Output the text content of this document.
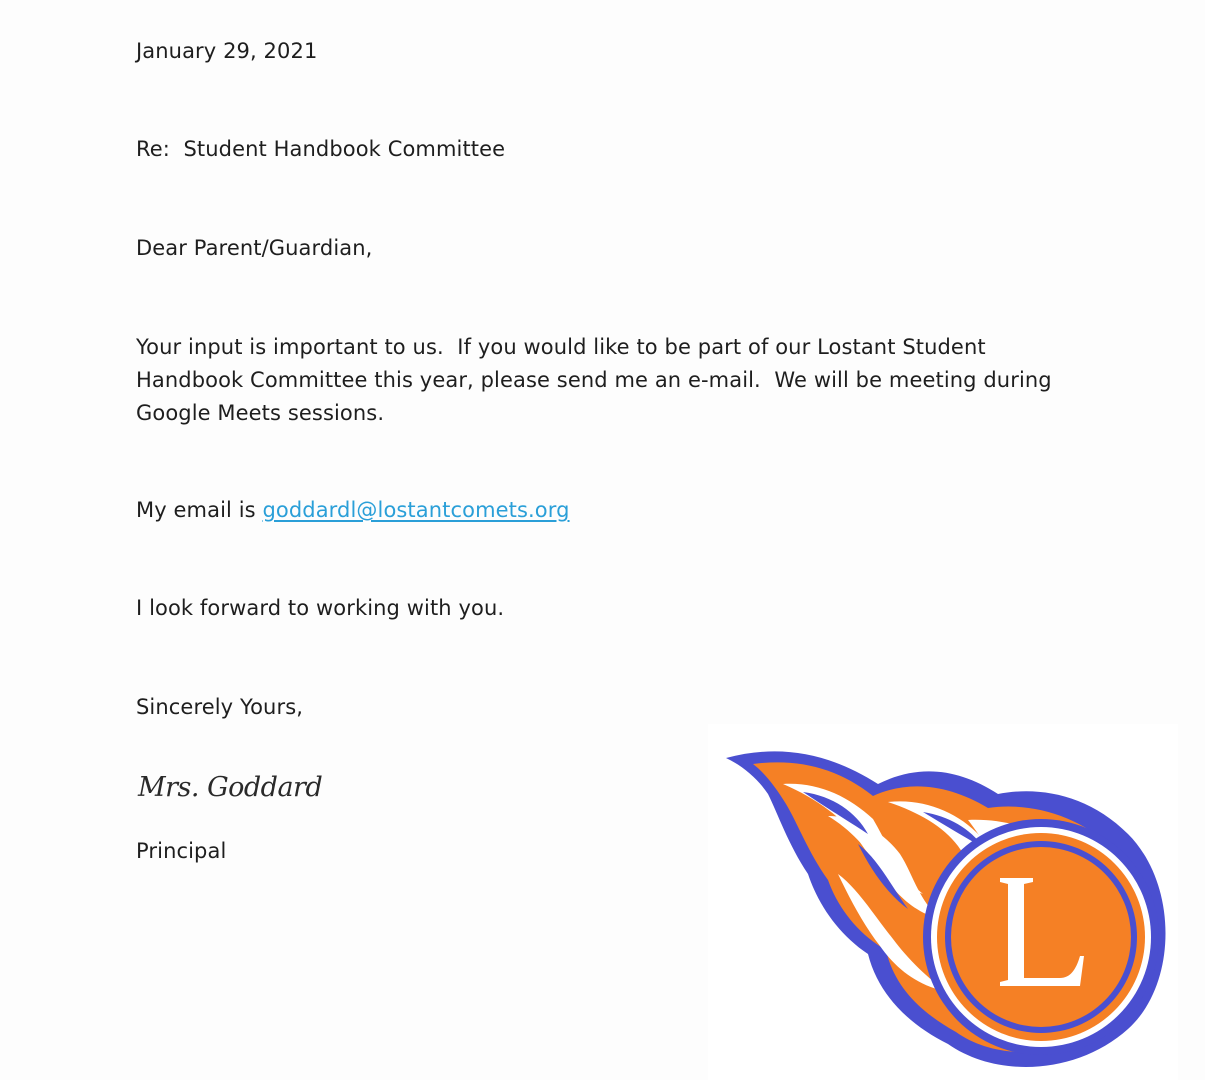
January 29, 2021
Re:  Student Handbook Committee
Dear Parent/Guardian,
Your input is important to us.  If you would like to be part of our Lostant Student
Handbook Committee this year, please send me an e-mail.  We will be meeting during
Google Meets sessions.
My email is goddardl@lostantcomets.org
I look forward to working with you.
Sincerely Yours,
Mrs. Goddard
Principal
